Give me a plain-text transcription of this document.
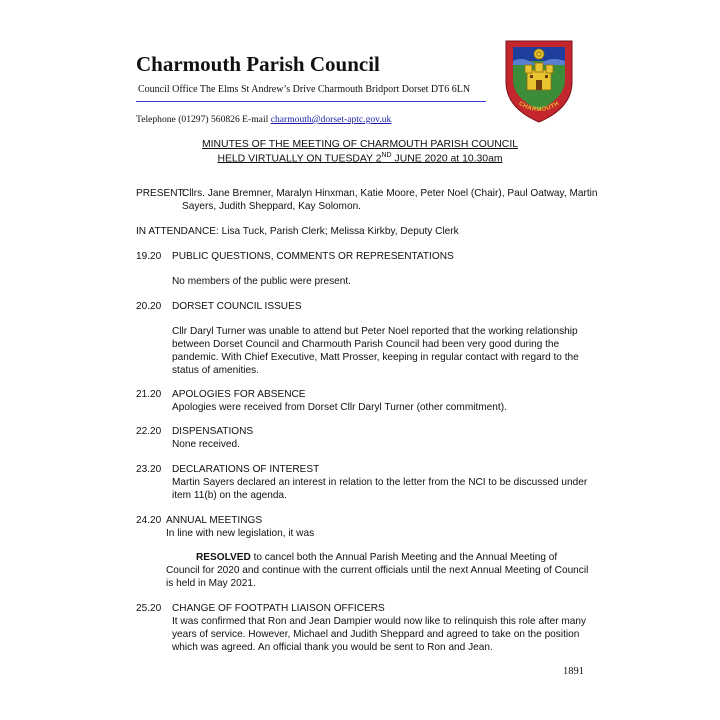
Charmouth Parish Council
Council Office The Elms St Andrew’s Drive Charmouth Bridport Dorset DT6 6LN
Telephone (01297) 560826 E-mail charmouth@dorset-aptc.gov.uk
CHARMOUTH
MINUTES OF THE MEETING OF CHARMOUTH PARISH COUNCIL
HELD VIRTUALLY ON TUESDAY 2ND JUNE 2020 at 10.30am
PRESENT:
Cllrs. Jane Bremner, Maralyn Hinxman, Katie Moore, Peter Noel (Chair), Paul Oatway, Martin Sayers, Judith Sheppard, Kay Solomon.
IN ATTENDANCE: Lisa Tuck, Parish Clerk; Melissa Kirkby, Deputy Clerk
19.20 PUBLIC QUESTIONS, COMMENTS OR REPRESENTATIONS
No members of the public were present.
20.20 DORSET COUNCIL ISSUES
Cllr Daryl Turner was unable to attend but Peter Noel reported that the working relationship between Dorset Council and Charmouth Parish Council had been very good during the pandemic. With Chief Executive, Matt Prosser, keeping in regular contact with regard to the status of amenities.
21.20 APOLOGIES FOR ABSENCE
Apologies were received from Dorset Cllr Daryl Turner (other commitment).
22.20 DISPENSATIONS
None received.
23.20 DECLARATIONS OF INTEREST
Martin Sayers declared an interest in relation to the letter from the NCI to be discussed under item 11(b) on the agenda.
24.20 ANNUAL MEETINGS
In line with new legislation, it was
RESOLVED to cancel both the Annual Parish Meeting and the Annual Meeting of Council for 2020 and continue with the current officials until the next Annual Meeting of Council is held in May 2021.
25.20 CHANGE OF FOOTPATH LIAISON OFFICERS
It was confirmed that Ron and Jean Dampier would now like to relinquish this role after many years of service. However, Michael and Judith Sheppard and agreed to take on the position which was agreed. An official thank you would be sent to Ron and Jean.
1891
